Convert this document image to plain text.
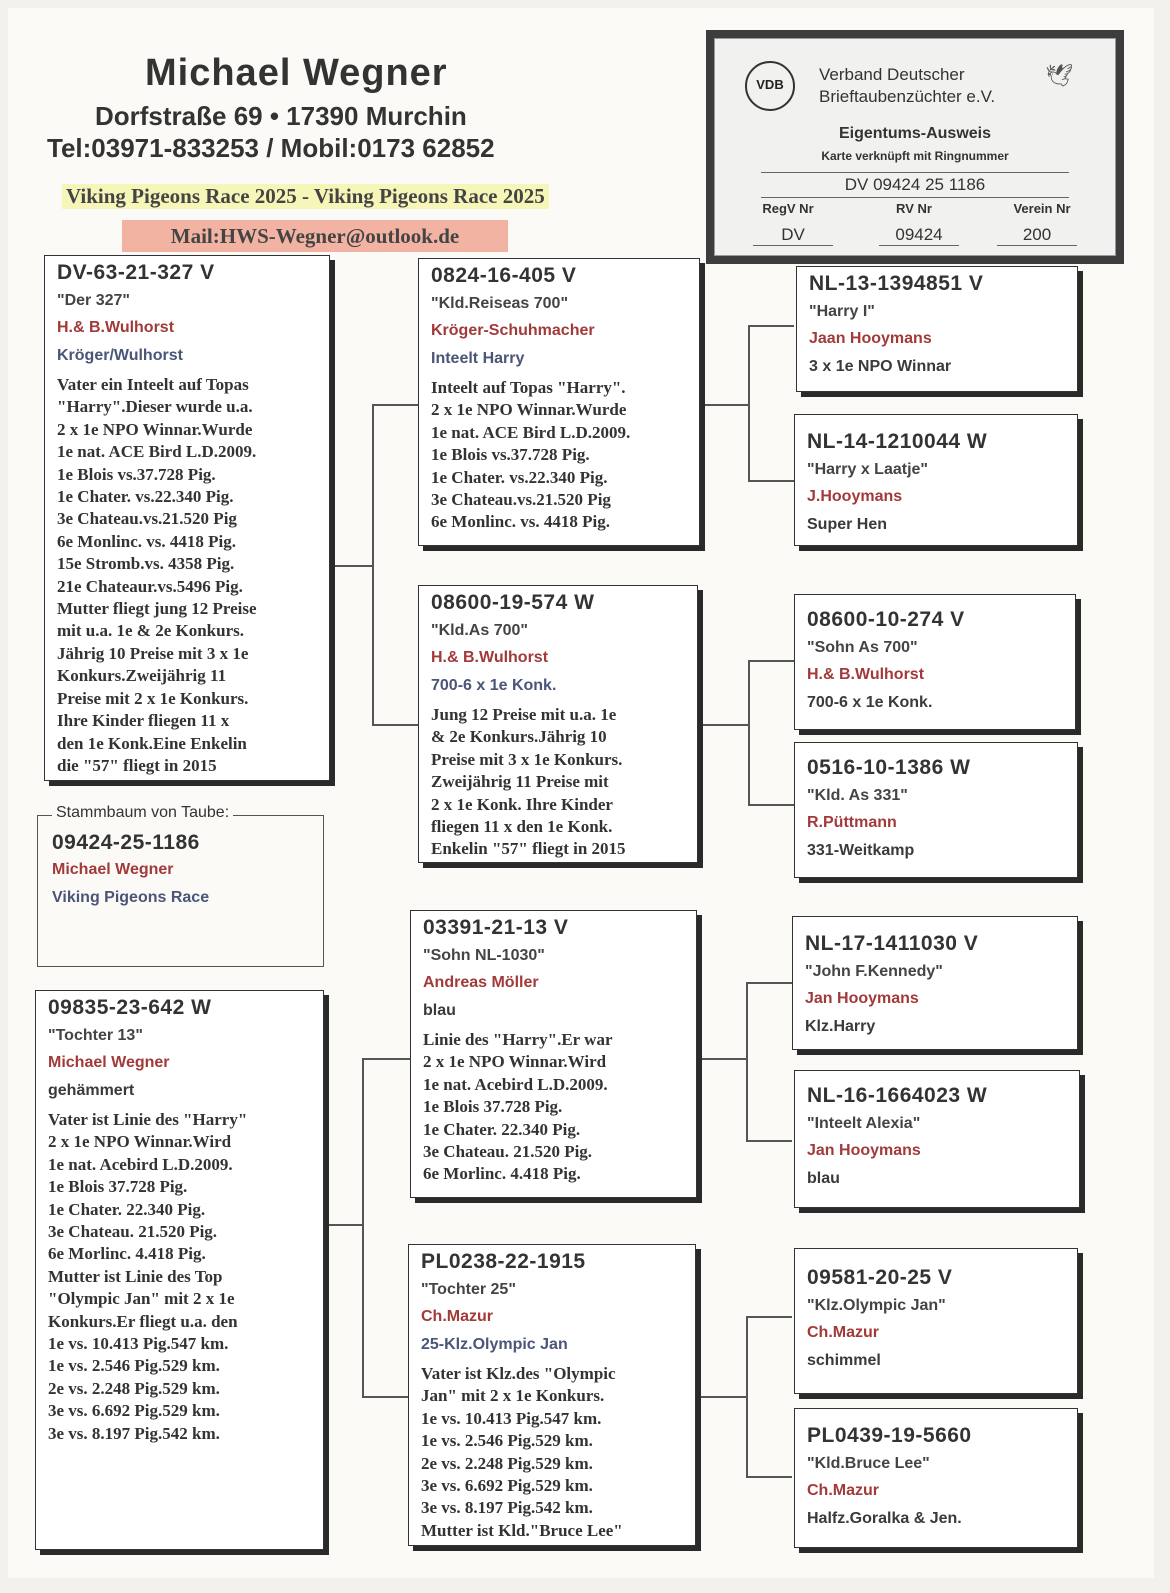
Michael Wegner
Dorfstraße 69 • 17390 Murchin
Tel:03971-833253 / Mobil:0173 62852
Viking Pigeons Race 2025 - Viking Pigeons Race 2025
Mail:HWS-Wegner@outlook.de
VDB
Verband Deutscher
Brieftaubenzüchter e.V.
🕊
Eigentums-Ausweis
Karte verknüpft mit Ringnummer
DV 09424 25 1186
RegV Nr	RV Nr	Verein Nr
DV	09424	200
DV-63-21-327 V
"Der 327"
H.& B.Wulhorst
Kröger/Wulhorst
Vater ein Inteelt auf Topas
"Harry".Dieser wurde u.a.
2 x 1e NPO Winnar.Wurde
1e nat. ACE Bird L.D.2009.
1e Blois vs.37.728 Pig.
1e Chater. vs.22.340 Pig.
3e Chateau.vs.21.520 Pig
6e Monlinc. vs. 4418 Pig.
15e Stromb.vs. 4358 Pig.
21e Chateaur.vs.5496 Pig.
Mutter fliegt jung 12 Preise
mit u.a. 1e & 2e Konkurs.
Jährig 10 Preise mit 3 x 1e
Konkurs.Zweijährig 11
Preise mit 2 x 1e Konkurs.
Ihre Kinder fliegen 11 x
den 1e Konk.Eine Enkelin
die "57" fliegt in 2015
Stammbaum von Taube:
09424-25-1186
Michael Wegner
Viking Pigeons Race
09835-23-642 W
"Tochter 13"
Michael Wegner
gehämmert
Vater ist Linie des "Harry"
2 x 1e NPO Winnar.Wird
1e nat. Acebird L.D.2009.
1e Blois 37.728 Pig.
1e Chater. 22.340 Pig.
3e Chateau. 21.520 Pig.
6e Morlinc. 4.418 Pig.
Mutter ist Linie des Top
"Olympic Jan" mit 2 x 1e
Konkurs.Er fliegt u.a. den
1e vs. 10.413 Pig.547 km.
1e vs. 2.546 Pig.529 km.
2e vs. 2.248 Pig.529 km.
3e vs. 6.692 Pig.529 km.
3e vs. 8.197 Pig.542 km.
0824-16-405 V
"Kld.Reiseas 700"
Kröger-Schuhmacher
Inteelt Harry
Inteelt auf Topas "Harry".
2 x 1e NPO Winnar.Wurde
1e nat. ACE Bird L.D.2009.
1e Blois vs.37.728 Pig.
1e Chater. vs.22.340 Pig.
3e Chateau.vs.21.520 Pig
6e Monlinc. vs. 4418 Pig.
08600-19-574 W
"Kld.As 700"
H.& B.Wulhorst
700-6 x 1e Konk.
Jung 12 Preise mit u.a. 1e
& 2e Konkurs.Jährig 10
Preise mit 3 x 1e Konkurs.
Zweijährig 11 Preise mit
2 x 1e Konk. Ihre Kinder
fliegen 11 x den 1e Konk.
Enkelin "57" fliegt in 2015
03391-21-13 V
"Sohn NL-1030"
Andreas Möller
blau
Linie des "Harry".Er war
2 x 1e NPO Winnar.Wird
1e nat. Acebird L.D.2009.
1e Blois 37.728 Pig.
1e Chater. 22.340 Pig.
3e Chateau. 21.520 Pig.
6e Morlinc. 4.418 Pig.
PL0238-22-1915
"Tochter 25"
Ch.Mazur
25-Klz.Olympic Jan
Vater ist Klz.des "Olympic
Jan" mit 2 x 1e Konkurs.
1e vs. 10.413 Pig.547 km.
1e vs. 2.546 Pig.529 km.
2e vs. 2.248 Pig.529 km.
3e vs. 6.692 Pig.529 km.
3e vs. 8.197 Pig.542 km.
Mutter ist Kld."Bruce Lee"
NL-13-1394851 V
"Harry I"
Jaan Hooymans
3 x 1e NPO Winnar
NL-14-1210044 W
"Harry x Laatje"
J.Hooymans
Super Hen
08600-10-274 V
"Sohn As 700"
H.& B.Wulhorst
700-6 x 1e Konk.
0516-10-1386 W
"Kld. As 331"
R.Püttmann
331-Weitkamp
NL-17-1411030 V
"John F.Kennedy"
Jan Hooymans
Klz.Harry
NL-16-1664023 W
"Inteelt Alexia"
Jan Hooymans
blau
09581-20-25 V
"Klz.Olympic Jan"
Ch.Mazur
schimmel
PL0439-19-5660
"Kld.Bruce Lee"
Ch.Mazur
Halfz.Goralka & Jen.
